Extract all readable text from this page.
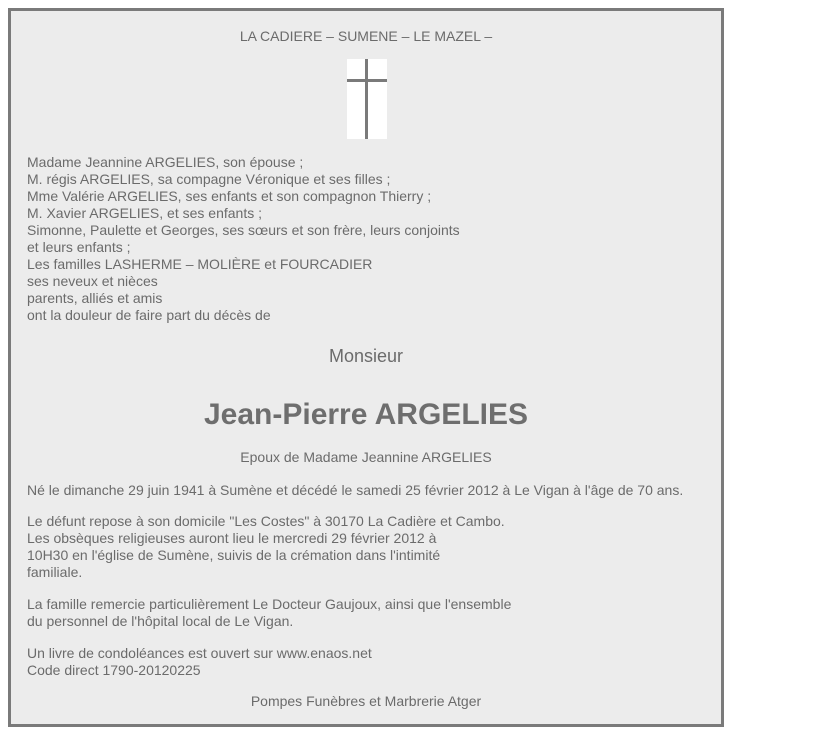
LA CADIERE – SUMENE – LE MAZEL –
Madame Jeannine ARGELIES, son épouse ;
M. régis ARGELIES, sa compagne Véronique et ses filles ;
Mme Valérie ARGELIES, ses enfants et son compagnon Thierry ;
M. Xavier ARGELIES, et ses enfants ;
Simonne, Paulette et Georges, ses sœurs et son frère, leurs conjoints
et leurs enfants ;
Les familles LASHERME – MOLIÈRE et FOURCADIER
ses neveux et nièces
parents, alliés et amis
ont la douleur de faire part du décès de
Monsieur
Jean-Pierre ARGELIES
Epoux de Madame Jeannine ARGELIES
Né le dimanche 29 juin 1941 à Sumène et décédé le samedi 25 février 2012 à Le Vigan à l'âge de 70 ans.
Le défunt repose à son domicile "Les Costes" à 30170 La Cadière et Cambo.
Les obsèques religieuses auront lieu le mercredi 29 février 2012 à
10H30 en l'église de Sumène, suivis de la crémation dans l'intimité
familiale.
La famille remercie particulièrement Le Docteur Gaujoux, ainsi que l'ensemble
du personnel de l'hôpital local de Le Vigan.
Un livre de condoléances est ouvert sur www.enaos.net
Code direct 1790-20120225
Pompes Funèbres et Marbrerie Atger
